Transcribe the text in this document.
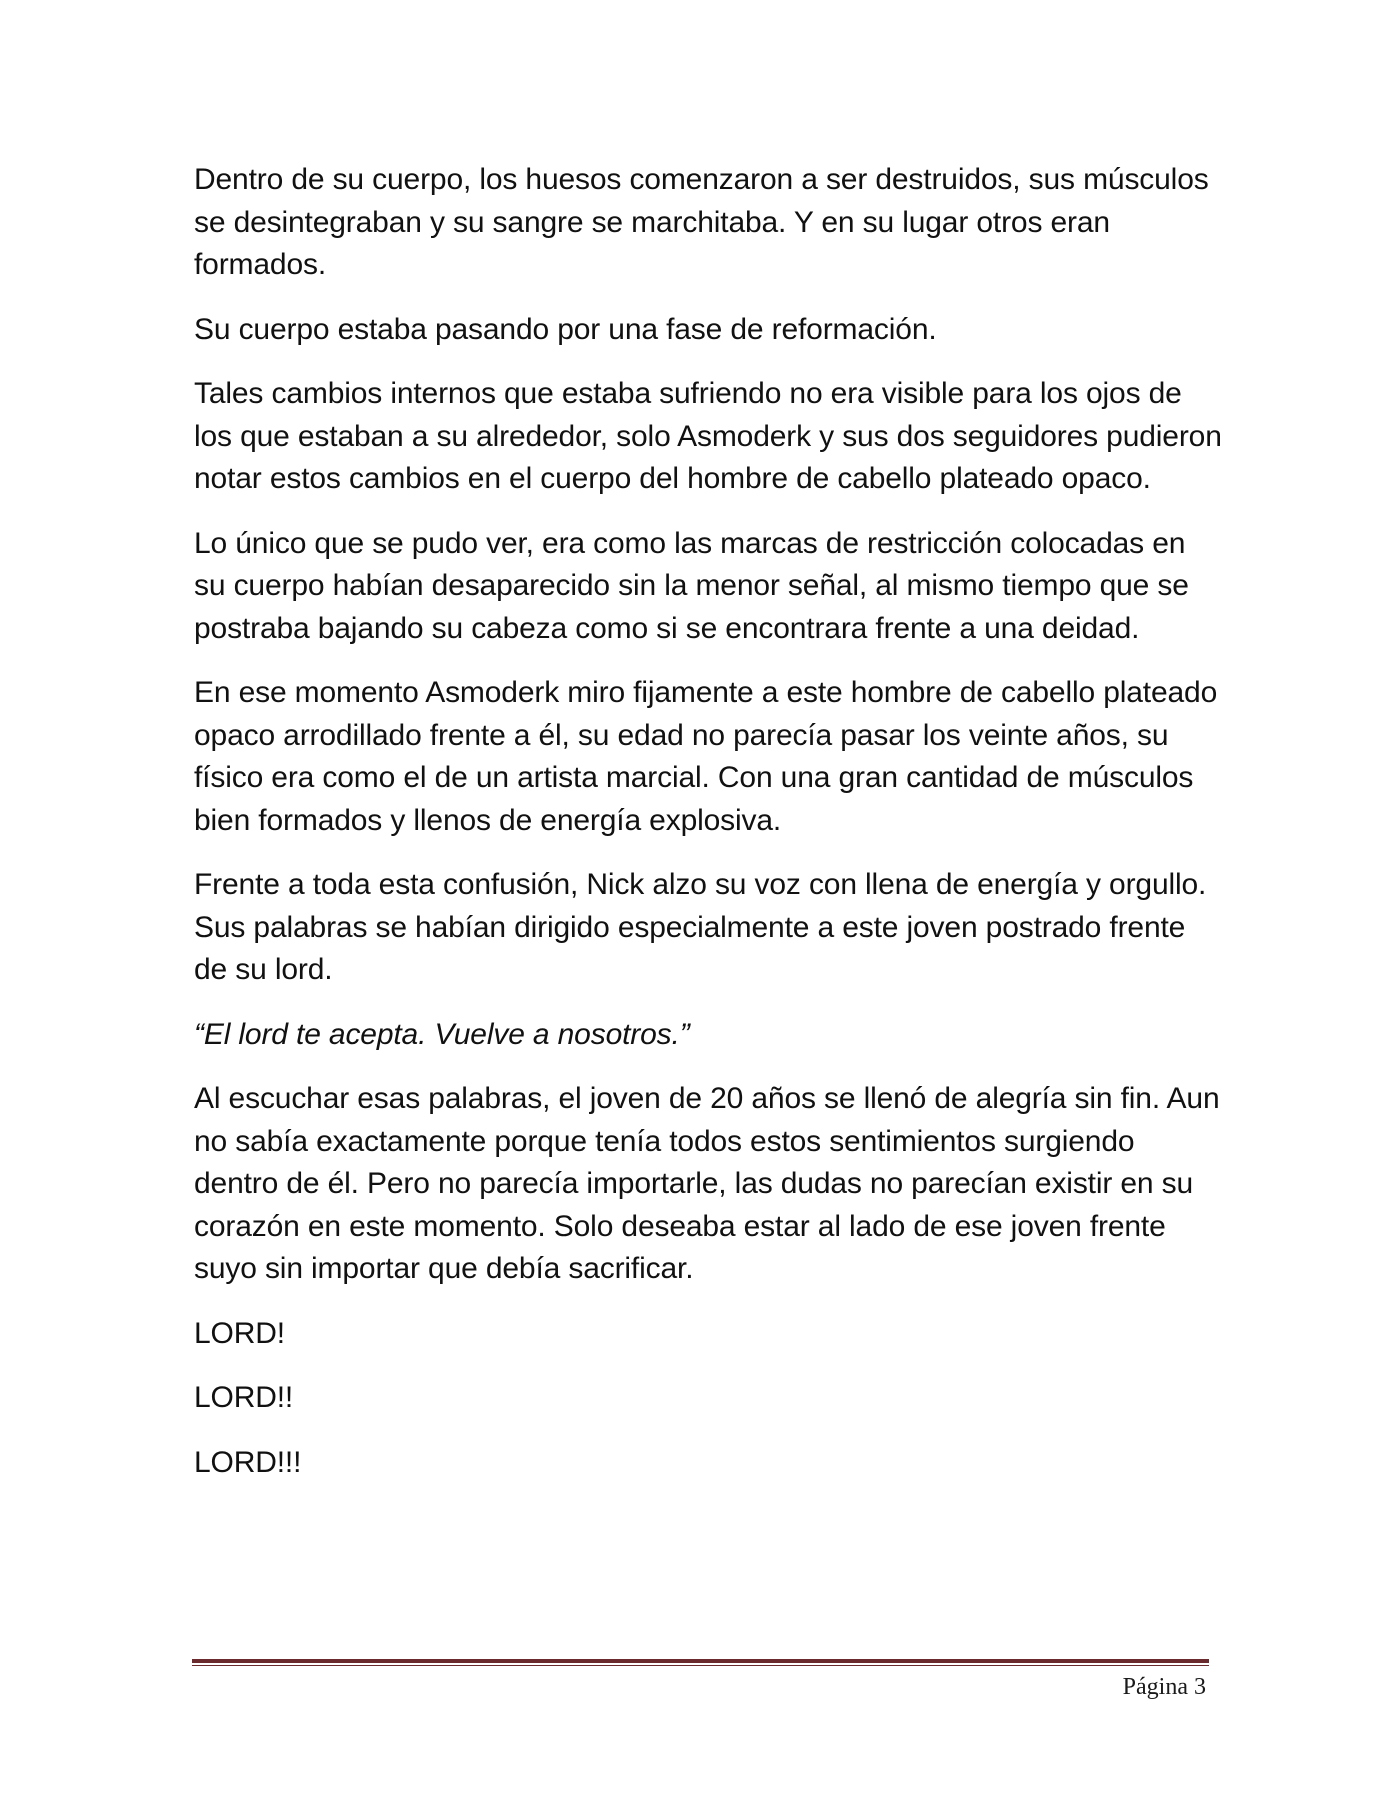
Dentro de su cuerpo, los huesos comenzaron a ser destruidos, sus músculos se desintegraban y su sangre se marchitaba. Y en su lugar otros eran formados.

Su cuerpo estaba pasando por una fase de reformación.

Tales cambios internos que estaba sufriendo no era visible para los ojos de los que estaban a su alrededor, solo Asmoderk y sus dos seguidores pudieron notar estos cambios en el cuerpo del hombre de cabello plateado opaco.

Lo único que se pudo ver, era como las marcas de restricción colocadas en su cuerpo habían desaparecido sin la menor señal, al mismo tiempo que se postraba bajando su cabeza como si se encontrara frente a una deidad.

En ese momento Asmoderk miro fijamente a este hombre de cabello plateado opaco arrodillado frente a él, su edad no parecía pasar los veinte años, su físico era como el de un artista marcial. Con una gran cantidad de músculos bien formados y llenos de energía explosiva.

Frente a toda esta confusión, Nick alzo su voz con llena de energía y orgullo. Sus palabras se habían dirigido especialmente a este joven postrado frente de su lord.

“El lord te acepta. Vuelve a nosotros.”

Al escuchar esas palabras, el joven de 20 años se llenó de alegría sin fin. Aun no sabía exactamente porque tenía todos estos sentimientos surgiendo dentro de él. Pero no parecía importarle, las dudas no parecían existir en su corazón en este momento. Solo deseaba estar al lado de ese joven frente suyo sin importar que debía sacrificar.

LORD!

LORD!!

LORD!!!

Página 3
